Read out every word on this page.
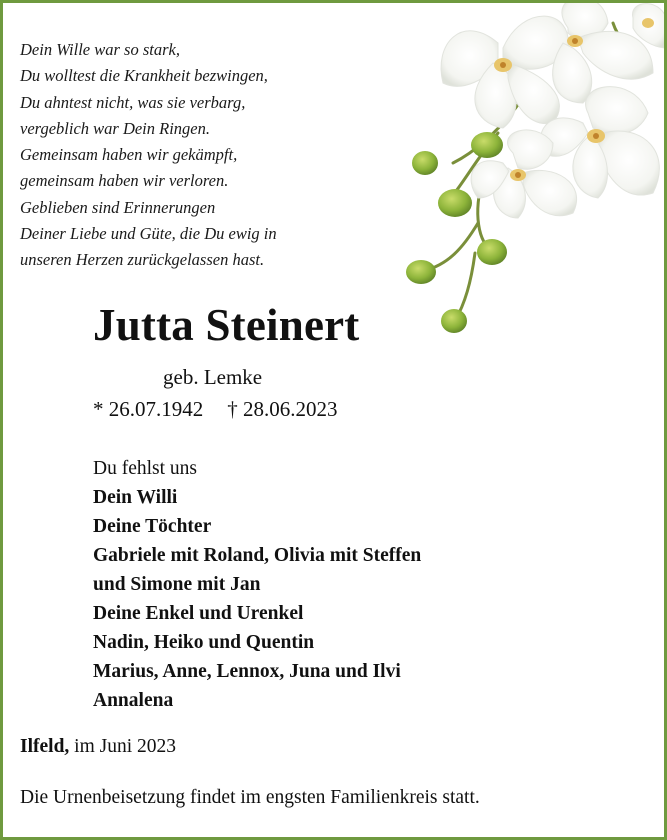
Dein Wille war so stark,
Du wolltest die Krankheit bezwingen,
Du ahntest nicht, was sie verbarg,
vergeblich war Dein Ringen.
Gemeinsam haben wir gekämpft,
gemeinsam haben wir verloren.
Geblieben sind Erinnerungen
Deiner Liebe und Güte, die Du ewig in
unseren Herzen zurückgelassen hast.
Jutta Steinert
geb. Lemke
* 26.07.1942 † 28.06.2023
Du fehlst uns
Dein Willi
Deine Töchter
Gabriele mit Roland, Olivia mit Steffen
und Simone mit Jan
Deine Enkel und Urenkel
Nadin, Heiko und Quentin
Marius, Anne, Lennox, Juna und Ilvi
Annalena
Ilfeld, im Juni 2023
Die Urnenbeisetzung findet im engsten Familienkreis statt.
